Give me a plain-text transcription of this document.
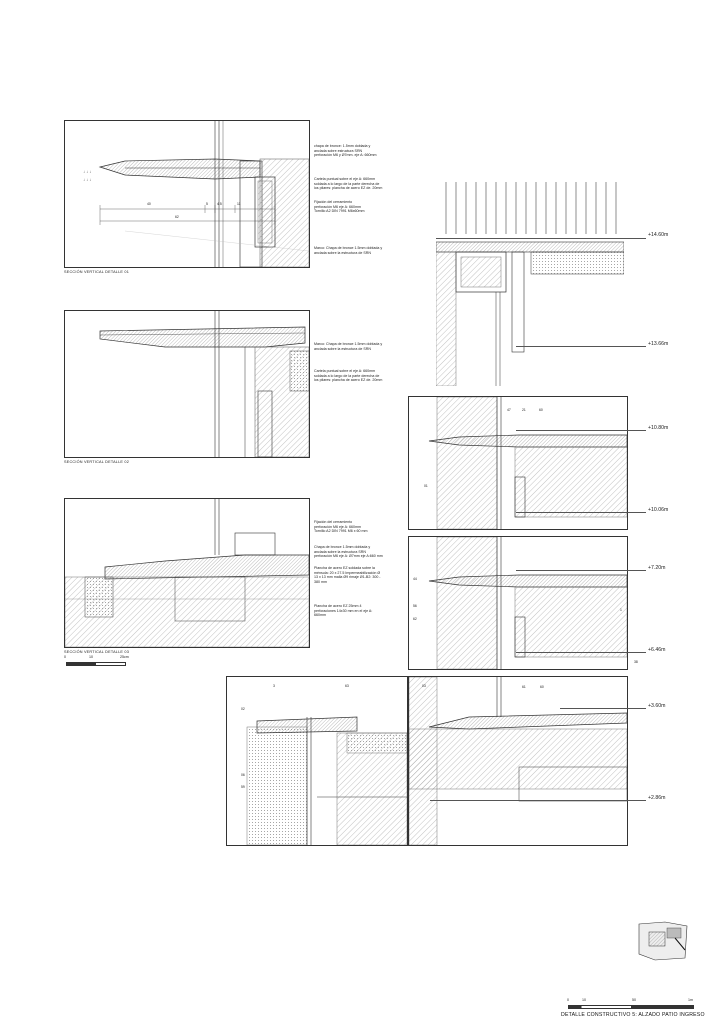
↓ ↓ ↓
↓ ↓ ↓
40	5	4.5	11
62
chapa de bronce: 1.5mm doblada y
anclada sobre estructura SRN
perforación M6 y Ø7mm. eje A: 660mm
Cartela puntual sobre el eje A: 660mm
soldada a lo largo de la parte derecha de
los pilares: plancha de acero EZ de. 20mm
Fijación del cerramiento
perforación M6 eje A: 660mm
Tornillo A2 DIN 7991 M6x60mm
Marco: Chapa de bronce 1.5mm doblada y
anclada sobre la estructura de SRN
SECCIÓN VERTICAL DETALLE 01
Marco: Chapa de bronce 1.5mm doblada y
anclada sobre la estructura de SRN
Cartela puntual sobre el eje A: 660mm
soldada a lo largo de la parte derecha de
los pilares: plancha de acero EZ de. 20mm
SECCIÓN VERTICAL DETALLE 02
Fijación del cerramiento
perforación M6 eje A: 660mm
Tornillo A2 DIN 7991 M6 x 60 mm
Chapa de bronce 1.5mm doblada y
anclada sobre la estructura SRN
perforación M6 eje A: Ø7mm eje A:660 mm
Plancha de acero EZ soldada sobre la
ménsula: 20 x 27.5 Impermeabilización Ø
13 x 13 mm malla Ø9 rimaje Ø1-B2: 300 -
380 mm
Plancha de acero EZ 25mm 4
perforaciones 14x30 mm en el eje A:
660mm
SECCIÓN VERTICAL DETALLE 03
0	10	25cm
+14.60m
+13.66m
+10.80m
+10.06m
+7.20m
+6.46m
+3.60m
+2.86m
47	21	60
01
44
56
62
1
38
03	61	60
3	63
02
06
59
0	10	50	1m
DETALLE CONSTRUCTIVO 5: ALZADO PATIO INGRESO
